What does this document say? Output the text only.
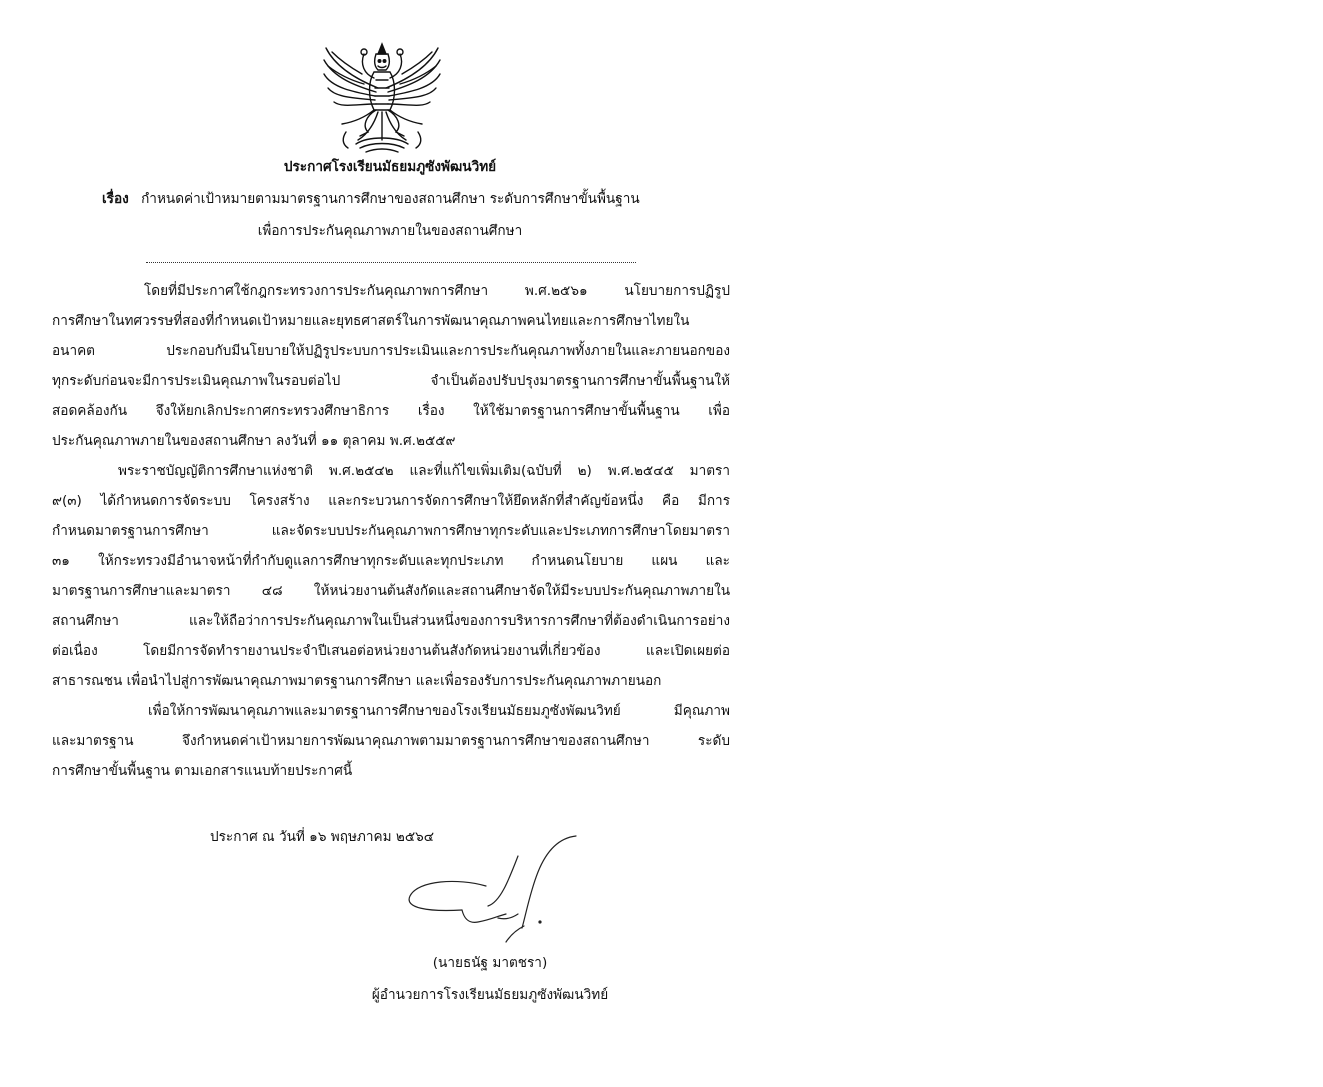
ประกาศโรงเรียนมัธยมภูซังพัฒนวิทย์
เรื่อง กำหนดค่าเป้าหมายตามมาตรฐานการศึกษาของสถานศึกษา ระดับการศึกษาขั้นพื้นฐาน
เพื่อการประกันคุณภาพภายในของสถานศึกษา
โดยที่มีประกาศใช้กฎกระทรวงการประกันคุณภาพการศึกษา พ.ศ.๒๕๖๑ นโยบายการปฏิรูป
การศึกษาในทศวรรษที่สองที่กำหนดเป้าหมายและยุทธศาสตร์ในการพัฒนาคุณภาพคนไทยและการศึกษาไทยใน
อนาคต ประกอบกับมีนโยบายให้ปฏิรูประบบการประเมินและการประกันคุณภาพทั้งภายในและภายนอกของ
ทุกระดับก่อนจะมีการประเมินคุณภาพในรอบต่อไป จำเป็นต้องปรับปรุงมาตรฐานการศึกษาขั้นพื้นฐานให้
สอดคล้องกัน จึงให้ยกเลิกประกาศกระทรวงศึกษาธิการ เรื่อง ให้ใช้มาตรฐานการศึกษาขั้นพื้นฐาน เพื่อ
ประกันคุณภาพภายในของสถานศึกษา ลงวันที่ ๑๑ ตุลาคม พ.ศ.๒๕๕๙
พระราชบัญญัติการศึกษาแห่งชาติ พ.ศ.๒๕๔๒ และที่แก้ไขเพิ่มเติม(ฉบับที่ ๒) พ.ศ.๒๕๔๕ มาตรา
๙(๓) ได้กำหนดการจัดระบบ โครงสร้าง และกระบวนการจัดการศึกษาให้ยึดหลักที่สำคัญข้อหนึ่ง คือ มีการ
กำหนดมาตรฐานการศึกษา และจัดระบบประกันคุณภาพการศึกษาทุกระดับและประเภทการศึกษาโดยมาตรา
๓๑ ให้กระทรวงมีอำนาจหน้าที่กำกับดูแลการศึกษาทุกระดับและทุกประเภท กำหนดนโยบาย แผน และ
มาตรฐานการศึกษาและมาตรา ๔๘ ให้หน่วยงานต้นสังกัดและสถานศึกษาจัดให้มีระบบประกันคุณภาพภายใน
สถานศึกษา และให้ถือว่าการประกันคุณภาพในเป็นส่วนหนึ่งของการบริหารการศึกษาที่ต้องดำเนินการอย่าง
ต่อเนื่อง โดยมีการจัดทำรายงานประจำปีเสนอต่อหน่วยงานต้นสังกัดหน่วยงานที่เกี่ยวข้อง และเปิดเผยต่อ
สาธารณชน เพื่อนำไปสู่การพัฒนาคุณภาพมาตรฐานการศึกษา และเพื่อรองรับการประกันคุณภาพภายนอก
เพื่อให้การพัฒนาคุณภาพและมาตรฐานการศึกษาของโรงเรียนมัธยมภูซังพัฒนวิทย์ มีคุณภาพ
และมาตรฐาน จึงกำหนดค่าเป้าหมายการพัฒนาคุณภาพตามมาตรฐานการศึกษาของสถานศึกษา ระดับ
การศึกษาขั้นพื้นฐาน ตามเอกสารแนบท้ายประกาศนี้
ประกาศ ณ วันที่ ๑๖ พฤษภาคม ๒๕๖๔
(นายธนัฐ มาตชรา)
ผู้อำนวยการโรงเรียนมัธยมภูซังพัฒนวิทย์
